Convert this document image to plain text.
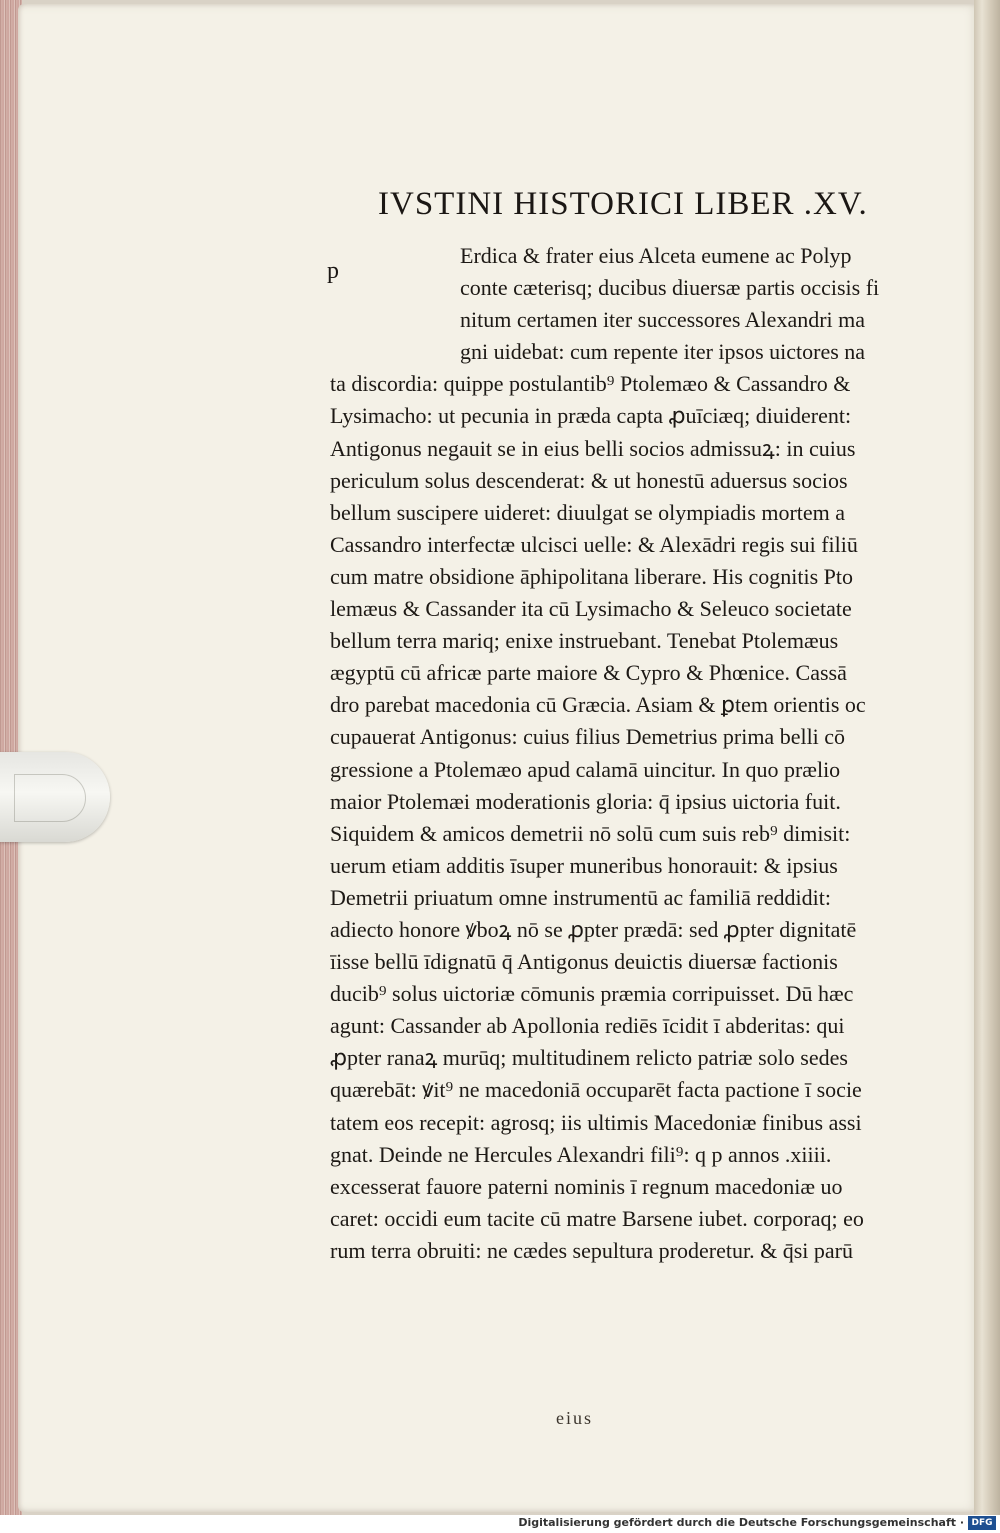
IVSTINI HISTORICI LIBER .XV.
p
Erdica & frater eius Alceta eumene ac Polyp
conte cæterisq; ducibus diuersæ partis occisis fi
nitum certamen iter successores Alexandri ma
gni uidebat: cum repente iter ipsos uictores na
ta discordia: quippe postulantib⁹ Ptolemæo & Cassandro &
Lysimacho: ut pecunia in præda capta ꝓuīciæq; diuiderent:
Antigonus negauit se in eius belli socios admissuꝝ: in cuius
periculum solus descenderat: & ut honestū aduersus socios
bellum suscipere uideret: diuulgat se olympiadis mortem a
Cassandro interfectæ ulcisci uelle: & Alexādri regis sui filiū
cum matre obsidione āphipolitana liberare. His cognitis Pto
lemæus & Cassander ita cū Lysimacho & Seleuco societate
bellum terra mariq; enixe instruebant. Tenebat Ptolemæus
ægyptū cū africæ parte maiore & Cypro & Phœnice. Cassā
dro parebat macedonia cū Græcia. Asiam & ꝑtem orientis oc
cupauerat Antigonus: cuius filius Demetrius prima belli cō
gressione a Ptolemæo apud calamā uincitur. In quo prælio
maior Ptolemæi moderationis gloria: q̄ ipsius uictoria fuit.
Siquidem & amicos demetrii nō solū cum suis reb⁹ dimisit:
uerum etiam additis īsuper muneribus honorauit: & ipsius
Demetrii priuatum omne instrumentū ac familiā reddidit:
adiecto honore ꝟboꝝ nō se ꝓpter prædā: sed ꝓpter dignitatē
īisse bellū īdignatū q̄ Antigonus deuictis diuersæ factionis
ducib⁹ solus uictoriæ cōmunis præmia corripuisset. Dū hæc
agunt: Cassander ab Apollonia rediēs īcidit ī abderitas: qui
ꝓpter ranaꝝ murūq; multitudinem relicto patriæ solo sedes
quærebāt: ꝟit⁹ ne macedoniā occuparēt facta pactione ī socie
tatem eos recepit: agrosq; iis ultimis Macedoniæ finibus assi
gnat. Deinde ne Hercules Alexandri fili⁹: q p annos .xiiii.
excesserat fauore paterni nominis ī regnum macedoniæ uo
caret: occidi eum tacite cū matre Barsene iubet. corporaq; eo
rum terra obruiti: ne cædes sepultura proderetur. & q̄si parū
eius
Digitalisierung gefördert durch die Deutsche Forschungsgemeinschaft · DFG
